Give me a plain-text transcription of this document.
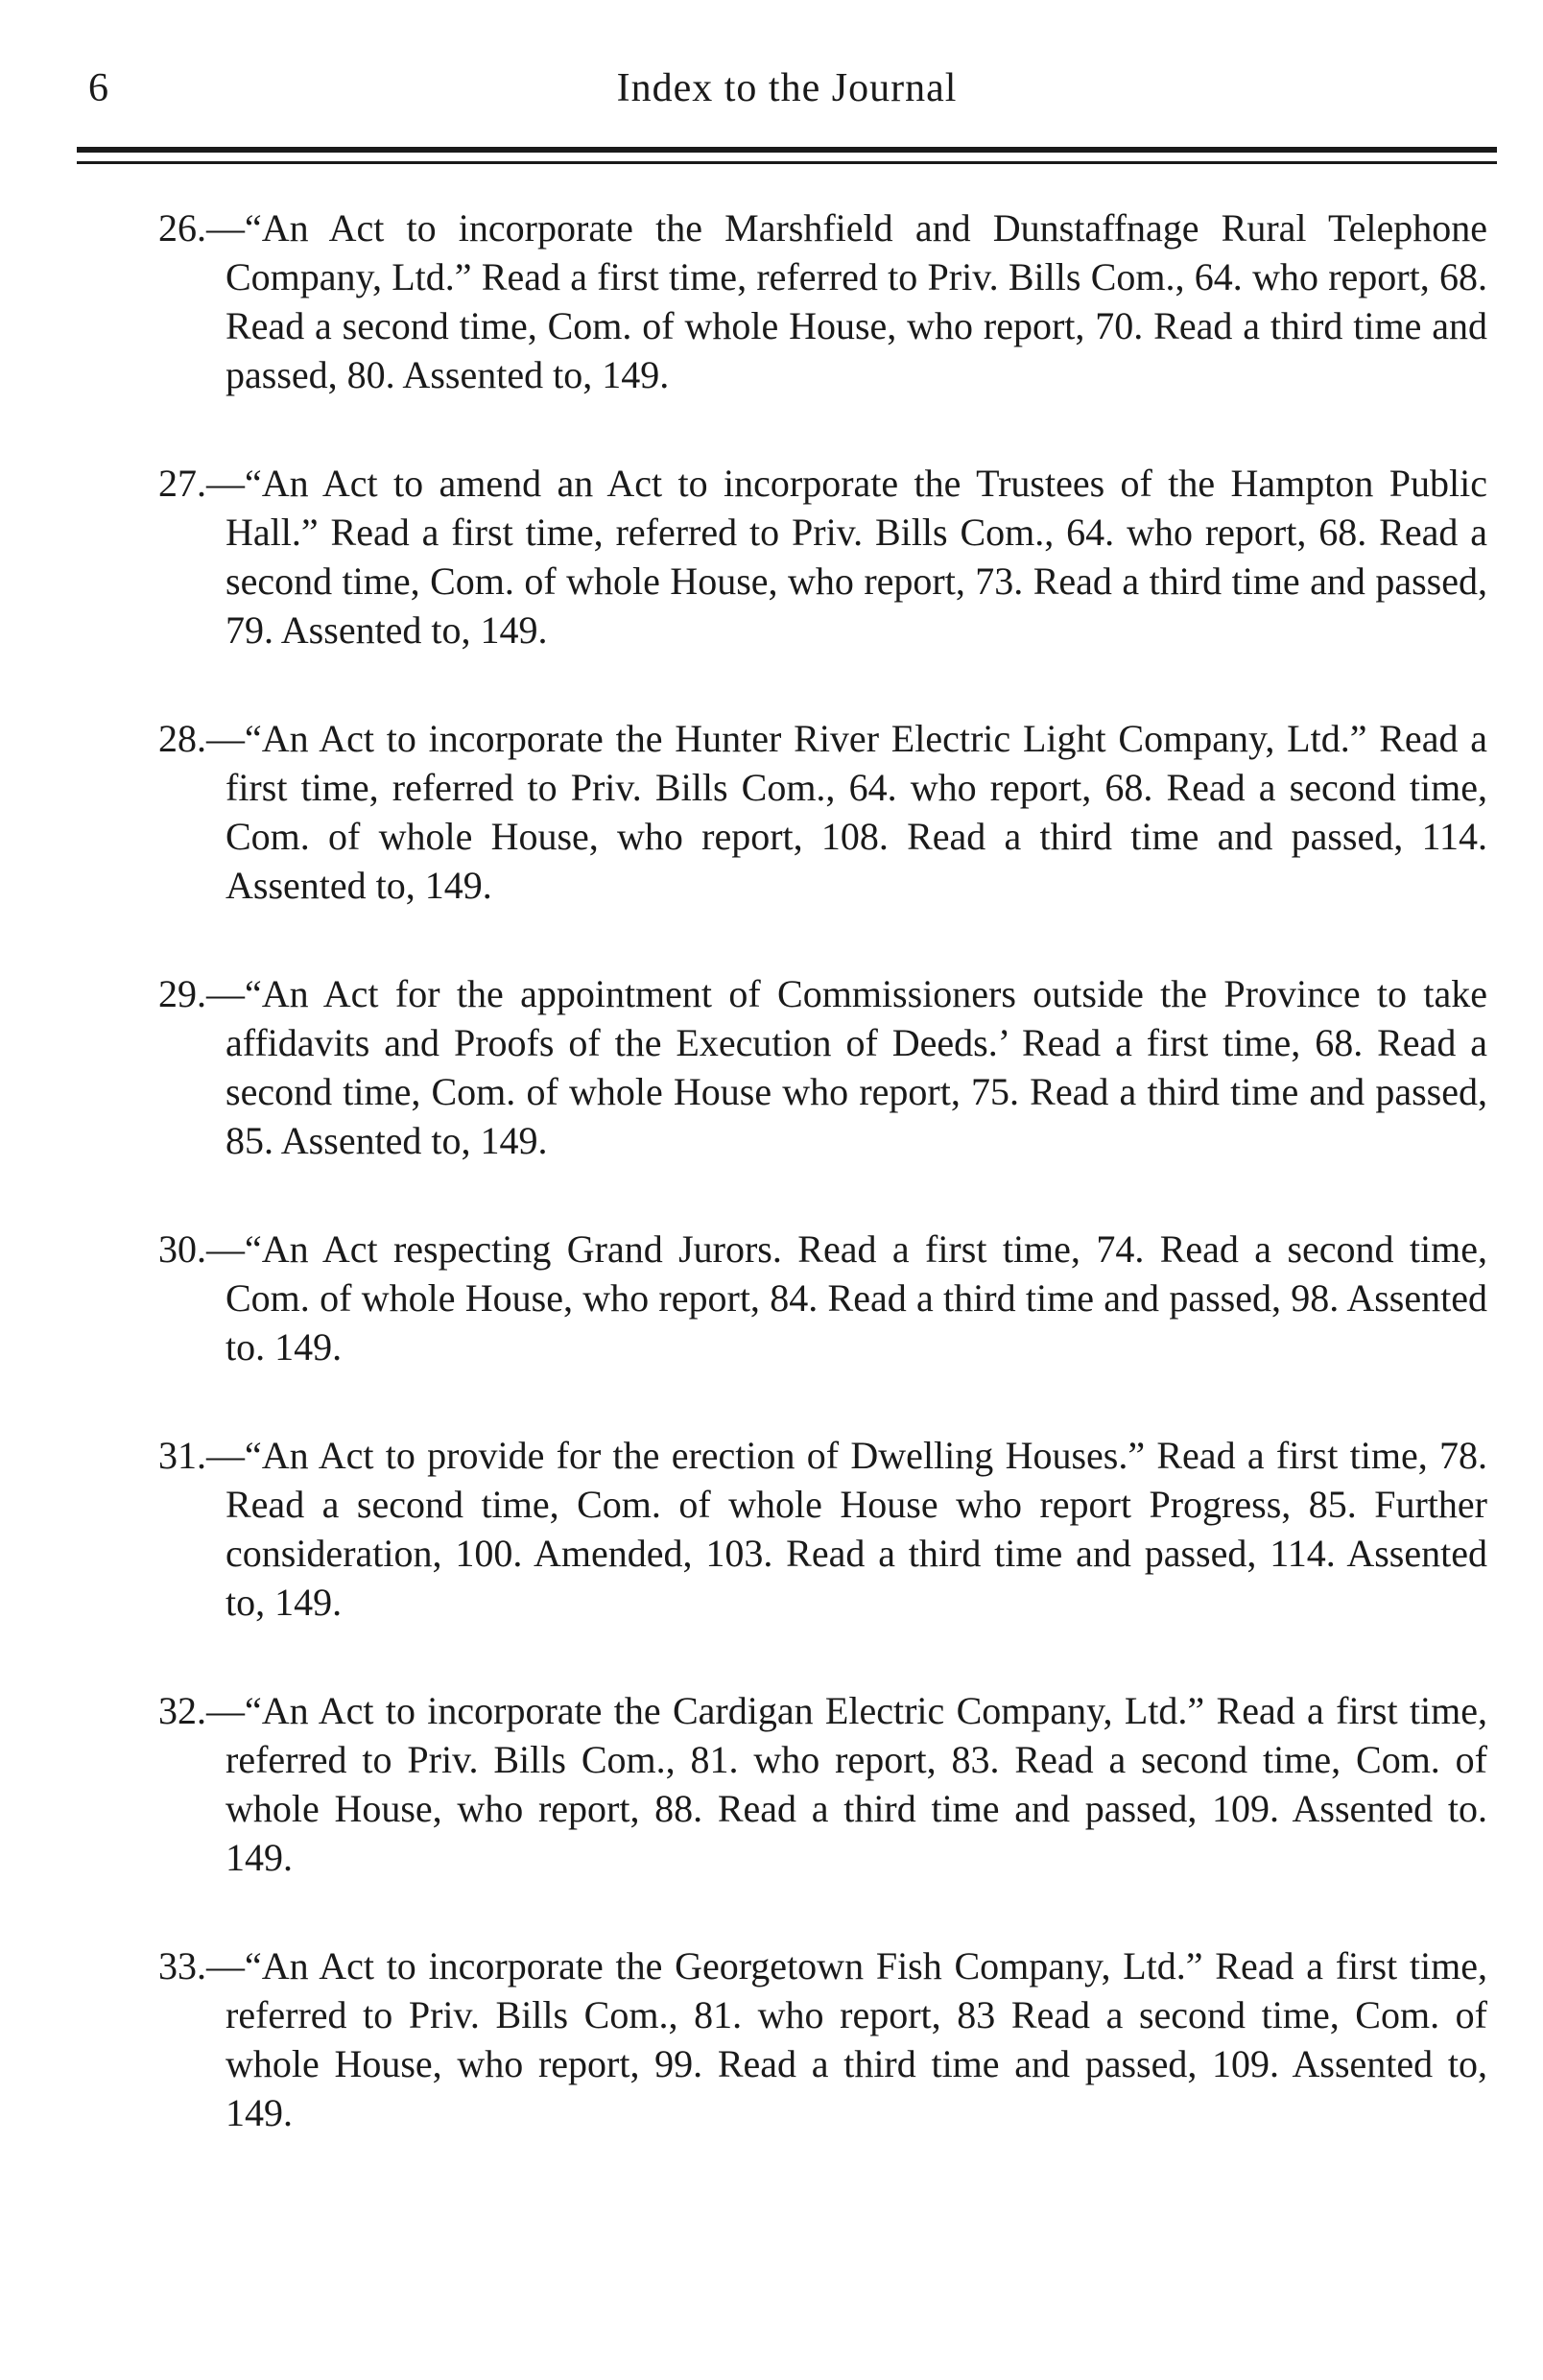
6	Index to the Journal

26.—“An Act to incorporate the Marshfield and Dunstaffnage Rural Telephone Company, Ltd.” Read a first time, referred to Priv. Bills Com., 64. who report, 68. Read a second time, Com. of whole House, who report, 70. Read a third time and passed, 80. Assented to, 149.

27.—“An Act to amend an Act to incorporate the Trustees of the Hampton Public Hall.” Read a first time, referred to Priv. Bills Com., 64. who report, 68. Read a second time, Com. of whole House, who report, 73. Read a third time and passed, 79. Assented to, 149.

28.—“An Act to incorporate the Hunter River Electric Light Company, Ltd.” Read a first time, referred to Priv. Bills Com., 64. who report, 68. Read a second time, Com. of whole House, who report, 108. Read a third time and passed, 114. Assented to, 149.

29.—“An Act for the appointment of Commissioners outside the Province to take affidavits and Proofs of the Execution of Deeds.’ Read a first time, 68. Read a second time, Com. of whole House who report, 75. Read a third time and passed, 85. Assented to, 149.

30.—“An Act respecting Grand Jurors. Read a first time, 74. Read a second time, Com. of whole House, who report, 84. Read a third time and passed, 98. Assented to. 149.

31.—“An Act to provide for the erection of Dwelling Houses.” Read a first time, 78. Read a second time, Com. of whole House who report Progress, 85. Further consideration, 100. Amended, 103. Read a third time and passed, 114. Assented to, 149.

32.—“An Act to incorporate the Cardigan Electric Company, Ltd.” Read a first time, referred to Priv. Bills Com., 81. who report, 83. Read a second time, Com. of whole House, who report, 88. Read a third time and passed, 109. Assented to. 149.

33.—“An Act to incorporate the Georgetown Fish Company, Ltd.” Read a first time, referred to Priv. Bills Com., 81. who report, 83 Read a second time, Com. of whole House, who report, 99. Read a third time and passed, 109. Assented to, 149.
